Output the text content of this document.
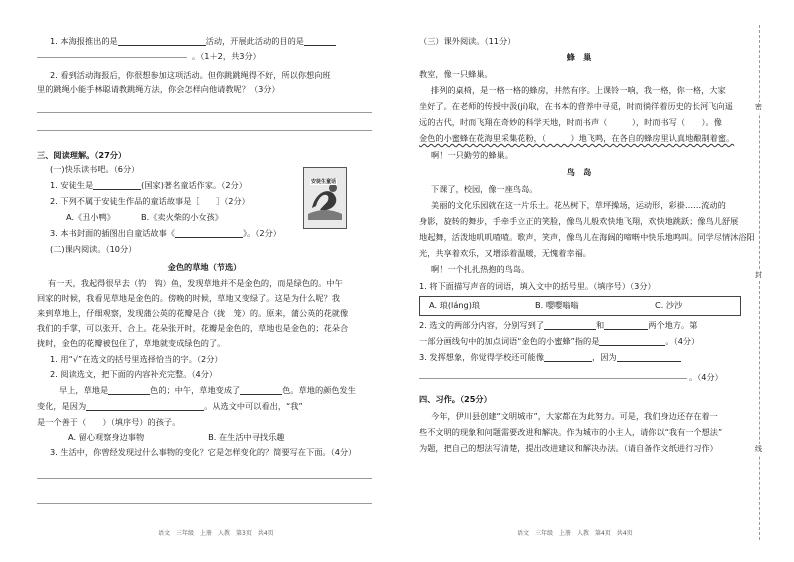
1. 本海报推出的是	活动，开展此活动的目的是
。（1＋2，共3分）
2. 看到活动海报后，你很想参加这项活动。但你跳跳绳得不好，所以你想向班
里的跳绳小能手林聪请教跳绳方法，你会怎样向他请教呢？（3分）
三、阅读理解。（27分）
(一)快乐读书吧。（6分）
1. 安徒生是	(国家)著名童话作家。（2分）
2. 下列不属于安徒生作品的童话故事是［　　］（2分）
A.《丑小鸭》	B.《卖火柴的小女孩》
3. 本书封面的插图出自童话故事《	》。（2分）
安徒生童话
(二)课内阅读。（10分）
金色的草地（节选）
有一天，我起得很早去（钓　钩）鱼，发现草地并不是金色的，而是绿色的。中午
回家的时候，我看见草地是金色的。傍晚的时候，草地又变绿了。这是为什么呢？我
来到草地上，仔细观察，发现蒲公英的花瓣是合（拢　笼）的。原来，蒲公英的花就像
我们的手掌，可以张开、合上。花朵张开时，花瓣是金色的，草地也是金色的；花朵合
拢时，金色的花瓣被包住了，草地就变成绿色的了。
1. 用“√”在选文的括号里选择恰当的字。（2分）
2. 阅读选文，把下面的内容补充完整。（4分）
早上，草地是	色的；中午，草地变成了	色。草地的颜色发生
变化，是因为	。从选文中可以看出，“我”
是一个善于（　　）（填序号）的孩子。
A. 留心观察身边事物	B. 在生活中寻找乐趣
3. 生活中，你曾经发现过什么事物的变化？它是怎样变化的？简要写在下面。（4分）
语文　三年级　上册　人教　第3页　共4页
（三）课外阅读。（11分）
蜂　巢
教室，像一只蜂巢。
排列的桌椅，是一格一格的蜂房，井然有序。上课铃一响，我一格，你一格，大家
坐好了。在老师的传授中汲(jí)取，在书本的营养中寻觅，时而徜徉着历史的长河飞向遥
远的古代，时而飞翔在奇妙的科学天地，时而书声（　　　），时而书写（　　）。像
金色的小蜜蜂在花海里采集花粉，（　　　）地飞鸣，在各自的蜂房里认真地酿制着蜜。
啊！一只勤劳的蜂巢。
鸟　岛
下课了，校园，像一座鸟岛。
美丽的文化乐园就在这一片乐土。花丛树下，草坪操场，运动形，彩褂……流动的
身影，旋转的舞步，手牵手立正的笑脸，像鸟儿般欢快地飞翔，欢快地跳跃；像鸟儿舒展
地起舞，活泼地叽叽喳喳。歌声，笑声，像鸟儿在海阔的啼啭中快乐地鸣叫。同学尽情沐浴阳
光，共享着欢乐，又增添着温暖，无愧着幸福。
啊！一个扎扎热抱的鸟岛。
1. 将下面描写声音的词语，填入文中的括号里。（填序号）（3分）
A. 琅(láng)琅	B. 嘤嘤嗡嗡	C. 沙沙
2. 选文的两部分内容，分别写到了	和	两个地方。第
一部分画线句中的加点词语“金色的小蜜蜂”指的是	。（4分）
3. 发挥想象，你觉得学校还可能像	，因为
。（4分）
四、习作。（25分）
今年，伊川县创建“文明城市”，大家都在为此努力。可是，我们身边还存在着一
些不文明的现象和问题需要改进和解决。作为城市的小主人，请你以“我有一个想法”
为题，把自己的想法写清楚，提出改进建议和解决办法。（请自备作文纸进行习作）
语文　三年级　上册　人教　第4页　共4页
密
封
线
